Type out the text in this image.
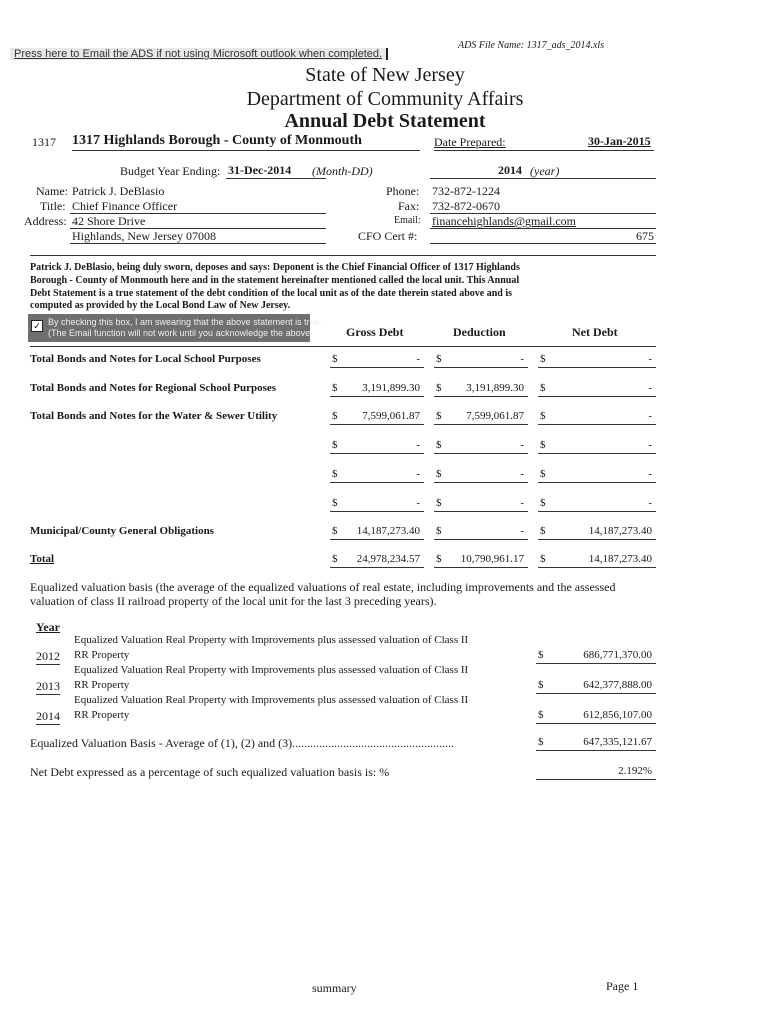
ADS File Name: 1317_ads_2014.xls
Press here to Email the ADS if not using Microsoft outlook when completed.
State of New Jersey
Department of Community Affairs
Annual Debt Statement
1317 1317 Highlands Borough - County of Monmouth	Date Prepared:	30-Jan-2015
Budget Year Ending: 31-Dec-2014 (Month-DD)	2014 (year)
Name: Patrick J. DeBlasio
Title: Chief Finance Officer
Address: 42 Shore Drive
Highlands, New Jersey 07008
Phone: 732-872-1224
Fax: 732-872-0670
Email: financehighlands@gmail.com
CFO Cert #:	675
Patrick J. DeBlasio, being duly sworn, deposes and says: Deponent is the Chief Financial Officer of 1317 Highlands
Borough - County of Monmouth here and in the statement hereinafter mentioned called the local unit. This Annual
Debt Statement is a true statement of the debt condition of the local unit as of the date therein stated above and is
computed as provided by the Local Bond Law of New Jersey.
✓ By checking this box, I am swearing that the above statement is true.
(The Email function will not work until you acknowledge the above	Gross Debt	Deduction	Net Debt
Total Bonds and Notes for Local School Purposes	$	- $	- $	-
Total Bonds and Notes for Regional School Purposes	$ 3,191,899.30 $ 3,191,899.30 $	-
Total Bonds and Notes for the Water & Sewer Utility	$ 7,599,061.87 $ 7,599,061.87 $	-
$	- $	- $	-
$	- $	- $	-
$	- $	- $	-
Municipal/County General Obligations	$ 14,187,273.40 $	- $	14,187,273.40
Total	$ 24,978,234.57 $ 10,790,961.17 $	14,187,273.40
Equalized valuation basis (the average of the equalized valuations of real estate, including improvements and the assessed
valuation of class II railroad property of the local unit for the last 3 preceding years).
Year
Equalized Valuation Real Property with Improvements plus assessed valuation of Class II
2012 RR Property	$	686,771,370.00
Equalized Valuation Real Property with Improvements plus assessed valuation of Class II
2013 RR Property	$	642,377,888.00
Equalized Valuation Real Property with Improvements plus assessed valuation of Class II
2014 RR Property	$	612,856,107.00
Equalized Valuation Basis - Average of (1), (2) and (3)......................................................	$	647,335,121.67
Net Debt expressed as a percentage of such equalized valuation basis is: %	2.192%
summary	Page 1
